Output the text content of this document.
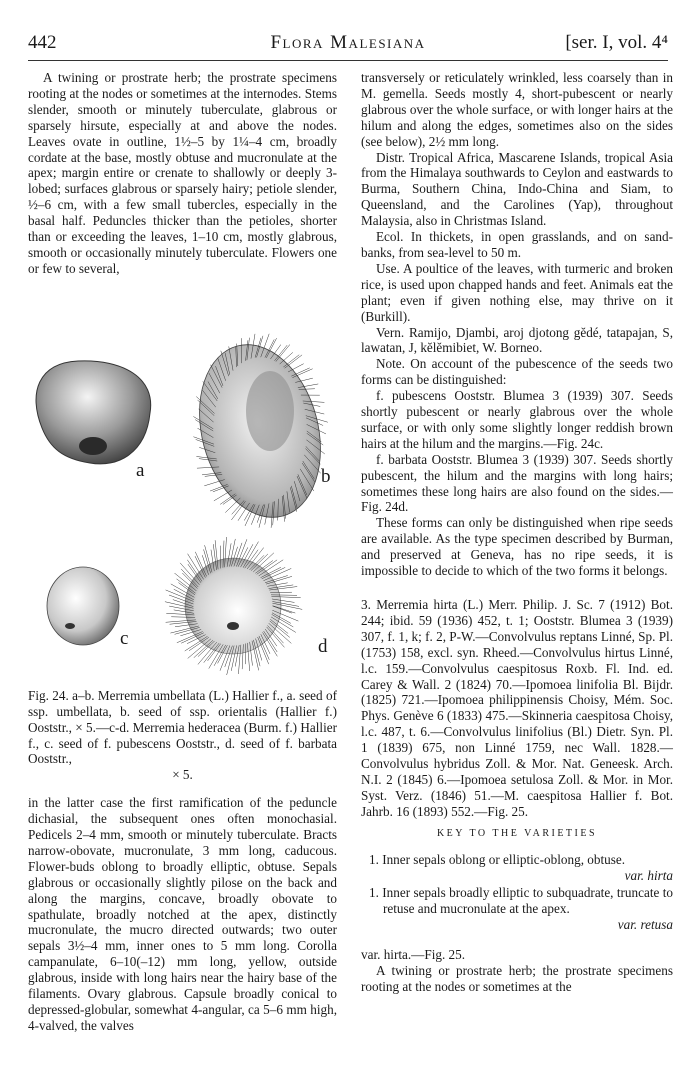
442	Flora Malesiana	[ser. I, vol. 4⁴

A twining or prostrate herb; the prostrate specimens rooting at the nodes or sometimes at the internodes. Stems slender, smooth or minutely tuberculate, glabrous or sparsely hirsute, especially at and above the nodes. Leaves ovate in outline, 1½–5 by 1¼–4 cm, broadly cordate at the base, mostly obtuse and mucronulate at the apex; margin entire or crenate to shallowly or deeply 3-lobed; surfaces glabrous or sparsely hairy; petiole slender, ½–6 cm, with a few small tubercles, especially in the basal half. Peduncles thicker than the petioles, shorter than or exceeding the leaves, 1–10 cm, mostly glabrous, smooth or occasionally minutely tuberculate. Flowers one or few to several,

a	b
c	d

Fig. 24. a–b. Merremia umbellata (L.) Hallier f., a. seed of ssp. umbellata, b. seed of ssp. orientalis (Hallier f.) Ooststr., × 5.—c-d. Merremia hederacea (Burm. f.) Hallier f., c. seed of f. pubescens Ooststr., d. seed of f. barbata Ooststr.,
× 5.

in the latter case the first ramification of the peduncle dichasial, the subsequent ones often monochasial. Pedicels 2–4 mm, smooth or minutely tuberculate. Bracts narrow-obovate, mucronulate, 3 mm long, caducous. Flower-buds oblong to broadly elliptic, obtuse. Sepals glabrous or occasionally slightly pilose on the back and along the margins, concave, broadly obovate to spathulate, broadly notched at the apex, distinctly mucronulate, the mucro directed outwards; two outer sepals 3½–4 mm, inner ones to 5 mm long. Corolla campanulate, 6–10(–12) mm long, yellow, outside glabrous, inside with long hairs near the hairy base of the filaments. Ovary glabrous. Capsule broadly conical to depressed-globular, somewhat 4-angular, ca 5–6 mm high, 4-valved, the valves

transversely or reticulately wrinkled, less coarsely than in M. gemella. Seeds mostly 4, short-pubescent or nearly glabrous over the whole surface, or with longer hairs at the hilum and along the edges, sometimes also on the sides (see below), 2½ mm long.

Distr. Tropical Africa, Mascarene Islands, tropical Asia from the Himalaya southwards to Ceylon and eastwards to Burma, Southern China, Indo-China and Siam, to Queensland, and the Carolines (Yap), throughout Malaysia, also in Christmas Island.

Ecol. In thickets, in open grasslands, and on sand-banks, from sea-level to 50 m.

Use. A poultice of the leaves, with turmeric and broken rice, is used upon chapped hands and feet. Animals eat the plant; even if given nothing else, may thrive on it (Burkill).

Vern. Ramijo, Djambi, aroj djotong gĕdé, tatapajan, S, lawatan, J, kĕlĕmibiet, W. Borneo.

Note. On account of the pubescence of the seeds two forms can be distinguished:

f. pubescens Ooststr. Blumea 3 (1939) 307. Seeds shortly pubescent or nearly glabrous over the whole surface, or with only some slightly longer reddish brown hairs at the hilum and the margins.—Fig. 24c.

f. barbata Ooststr. Blumea 3 (1939) 307. Seeds shortly pubescent, the hilum and the margins with long hairs; sometimes these long hairs are also found on the sides.—Fig. 24d.

These forms can only be distinguished when ripe seeds are available. As the type specimen described by Burman, and preserved at Geneva, has no ripe seeds, it is impossible to decide to which of the two forms it belongs.

3. Merremia hirta (L.) Merr. Philip. J. Sc. 7 (1912) Bot. 244; ibid. 59 (1936) 452, t. 1; Ooststr. Blumea 3 (1939) 307, f. 1, k; f. 2, P-W.—Convolvulus reptans Linné, Sp. Pl. (1753) 158, excl. syn. Rheed.—Convolvulus hirtus Linné, l.c. 159.—Convolvulus caespitosus Roxb. Fl. Ind. ed. Carey & Wall. 2 (1824) 70.—Ipomoea linifolia Bl. Bijdr. (1825) 721.—Ipomoea philippinensis Choisy, Mém. Soc. Phys. Genève 6 (1833) 475.—Skinneria caespitosa Choisy, l.c. 487, t. 6.—Convolvulus linifolius (Bl.) Dietr. Syn. Pl. 1 (1839) 675, non Linné 1759, nec Wall. 1828.—Convolvulus hybridus Zoll. & Mor. Nat. Geneesk. Arch. N.I. 2 (1845) 6.—Ipomoea setulosa Zoll. & Mor. in Mor. Syst. Verz. (1846) 51.—M. caespitosa Hallier f. Bot. Jahrb. 16 (1893) 552.—Fig. 25.

KEY TO THE VARIETIES

1. Inner sepals oblong or elliptic-oblong, obtuse.
var. hirta

1. Inner sepals broadly elliptic to subquadrate, truncate to retuse and mucronulate at the apex.
var. retusa

var. hirta.—Fig. 25.

A twining or prostrate herb; the prostrate specimens rooting at the nodes or sometimes at the
